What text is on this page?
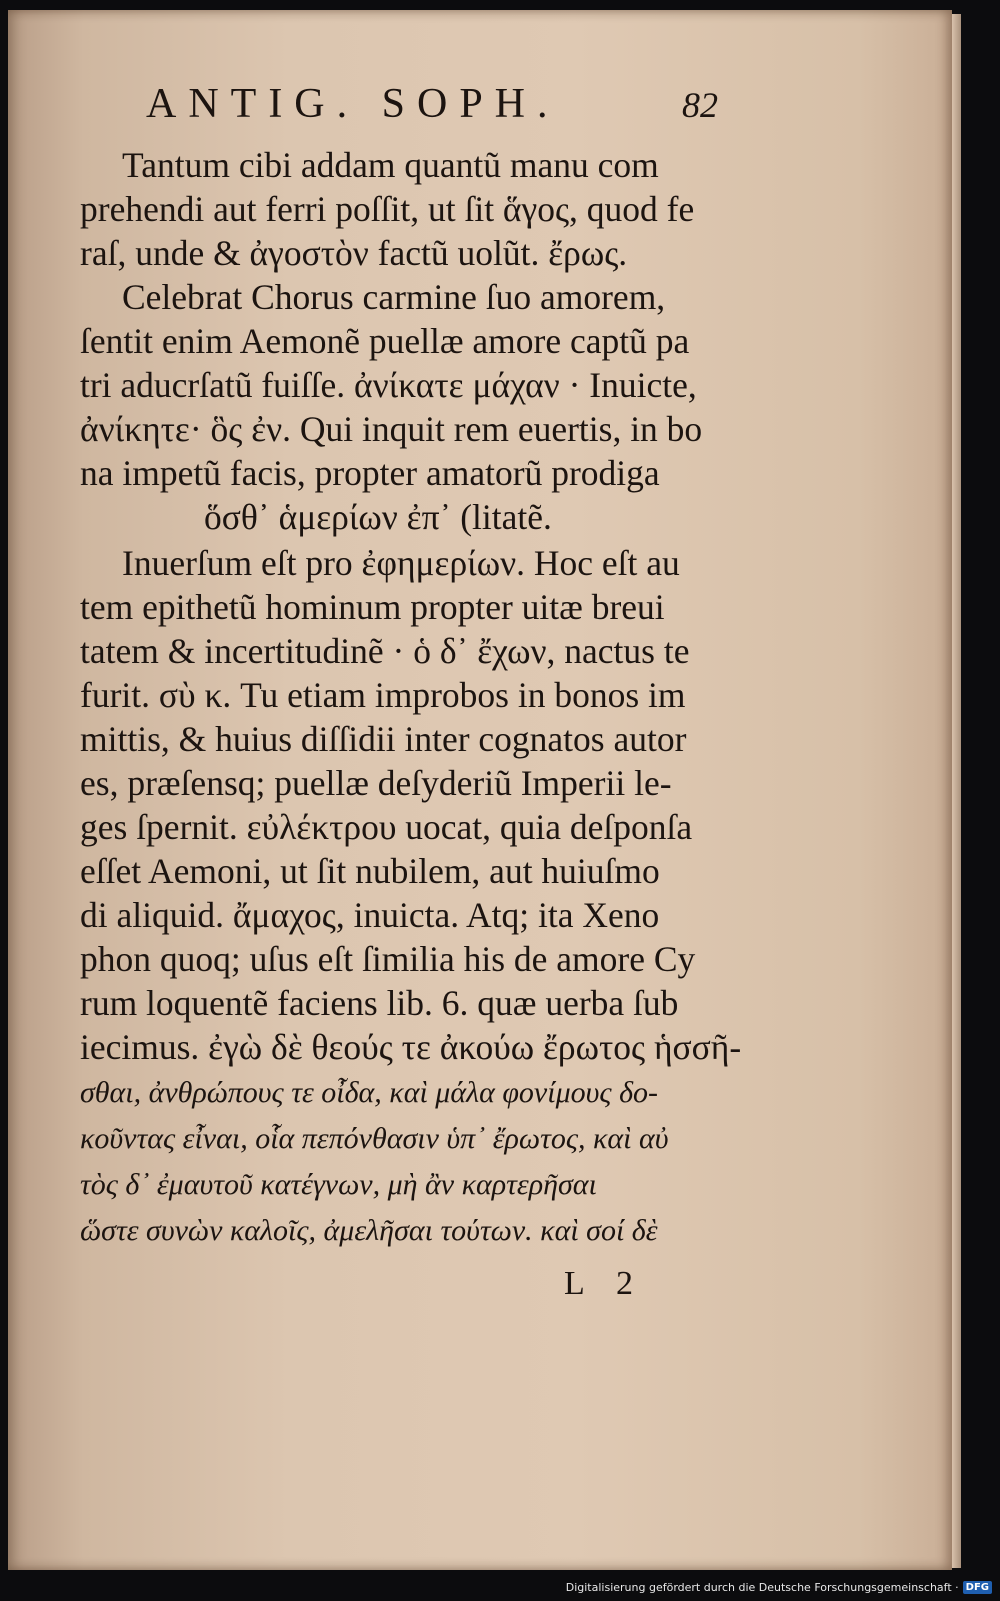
ANTIG. SOPH.	82
Tantum cibi addam quantũ manu com
prehendi aut ferri poſſit, ut ſit ἅγος, quod fe
raſ, unde & ἀγοστὸν factũ uolũt. ἔρως.
Celebrat Chorus carmine ſuo amorem,
ſentit enim Aemonẽ puellæ amore captũ pa
tri aducrſatũ fuiſſe. ἀνίκατε μάχαν · Inuicte,
ἀνίκητε· ὃς ἐν. Qui inquit rem euertis, in bo
na impetũ facis, propter amatorũ prodiga
ὅσθ᾽ ἁμερίων ἐπ᾽ (litatẽ.
Inuerſum eſt pro ἐφημερίων. Hoc eſt au
tem epithetũ hominum propter uitæ breui
tatem & incertitudinẽ · ὁ δ᾽ ἔχων, nactus te
furit. σὺ κ. Tu etiam improbos in bonos im
mittis, & huius diſſidii inter cognatos autor
es, præſensq; puellæ deſyderiũ Imperii le-
ges ſpernit. εὐλέκτρου uocat, quia deſponſa
eſſet Aemoni, ut ſit nubilem, aut huiuſmo
di aliquid. ἄμαχος, inuicta. Atq; ita Xeno
phon quoq; uſus eſt ſimilia his de amore Cy
rum loquentẽ faciens lib. 6. quæ uerba ſub
iecimus. ἐγὼ δὲ θεούς τε ἀκούω ἔρωτος ἡσσῆ-
σθαι, ἀνθρώπους τε οἶδα, καὶ μάλα φονίμους δο-
κοῦντας εἶναι, οἷα πεπόνθασιν ὑπ᾽ ἔρωτος, καὶ αὐ
τὸς δ᾽ ἐμαυτοῦ κατέγνων, μὴ ἂν καρτερῆσαι
ὥστε συνὼν καλοῖς, ἀμελῆσαι τούτων. καὶ σοί δὲ
L 2
Digitalisierung gefördert durch die Deutsche Forschungsgemeinschaft · DFG
